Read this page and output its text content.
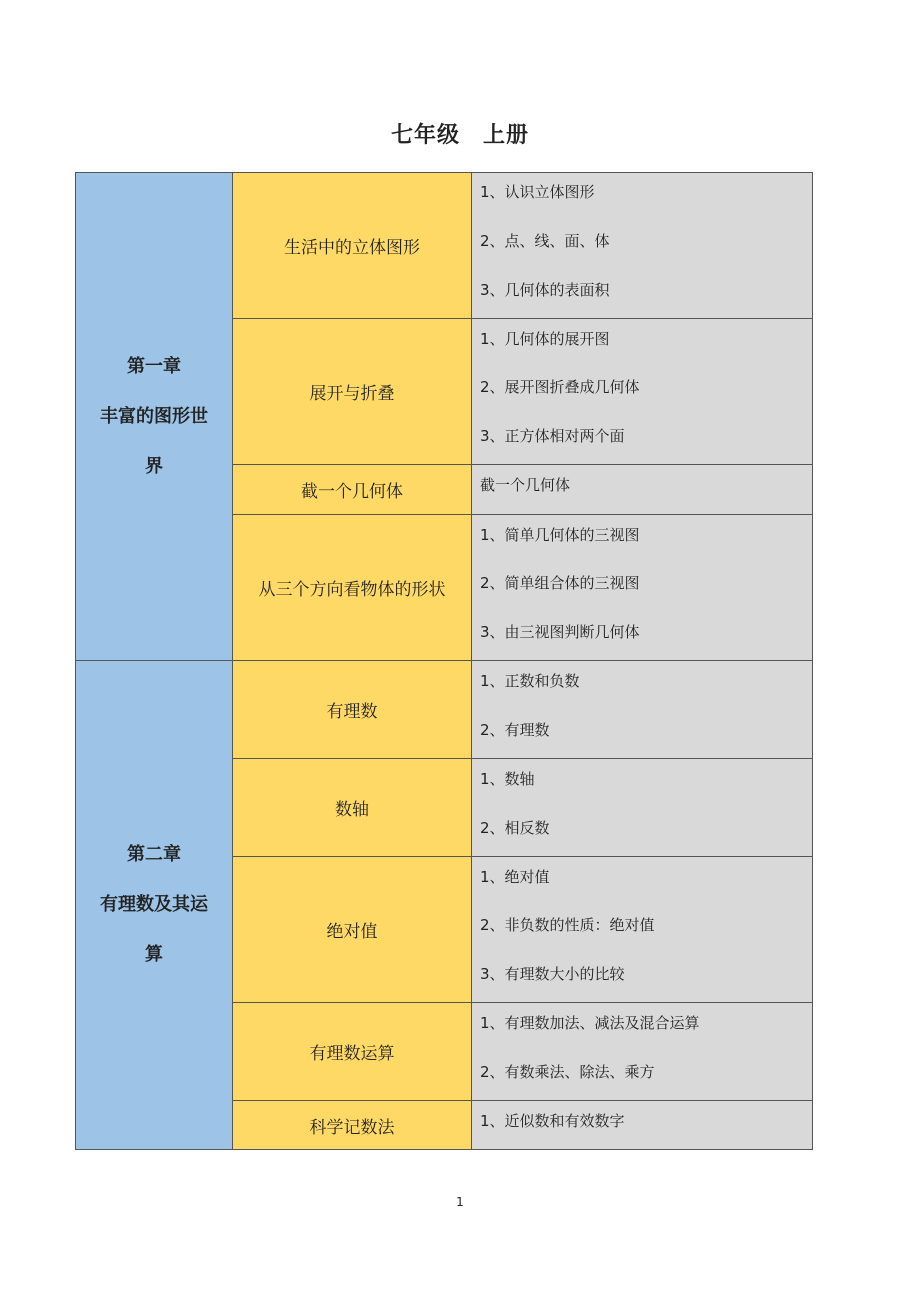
七年级　上册
第一章
丰富的图形世
界
生活中的立体图形
1、认识立体图形
2、点、线、面、体
3、几何体的表面积
展开与折叠
1、几何体的展开图
2、展开图折叠成几何体
3、正方体相对两个面
截一个几何体	截一个几何体
从三个方向看物体的形状
1、简单几何体的三视图
2、简单组合体的三视图
3、由三视图判断几何体
第二章
有理数及其运
算
有理数
1、正数和负数
2、有理数
数轴
1、数轴
2、相反数
绝对值
1、绝对值
2、非负数的性质：绝对值
3、有理数大小的比较
有理数运算
1、有理数加法、减法及混合运算
2、有数乘法、除法、乘方
科学记数法	1、近似数和有效数字
1
